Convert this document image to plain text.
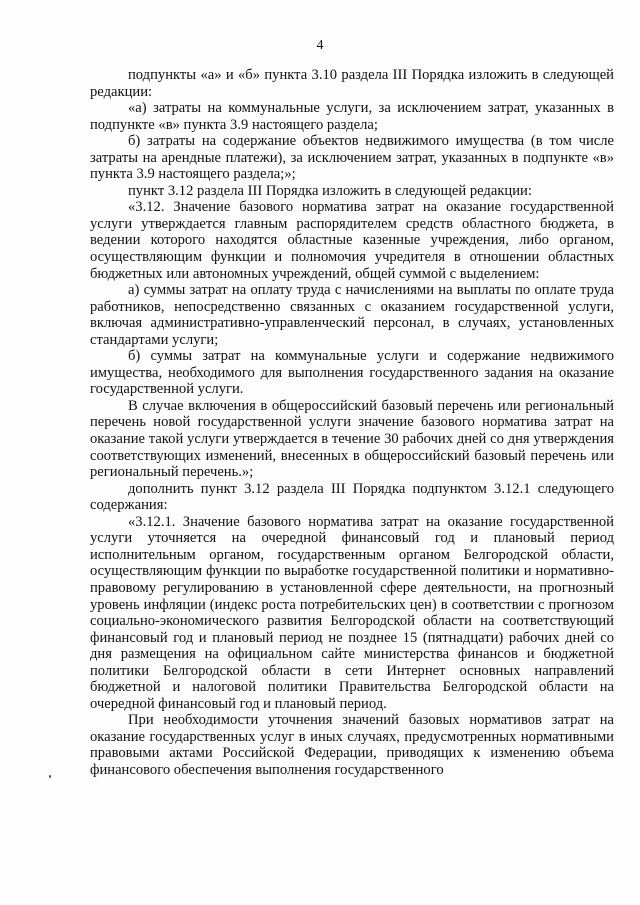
4

подпункты «а» и «б» пункта 3.10 раздела III Порядка изложить в следующей редакции:

«а) затраты на коммунальные услуги, за исключением затрат, указанных в подпункте «в» пункта 3.9 настоящего раздела;

б) затраты на содержание объектов недвижимого имущества (в том числе затраты на арендные платежи), за исключением затрат, указанных в подпункте «в» пункта 3.9 настоящего раздела;»;

пункт 3.12 раздела III Порядка изложить в следующей редакции:

«3.12. Значение базового норматива затрат на оказание государственной услуги утверждается главным распорядителем средств областного бюджета, в ведении которого находятся областные казенные учреждения, либо органом, осуществляющим функции и полномочия учредителя в отношении областных бюджетных или автономных учреждений, общей суммой с выделением:

а) суммы затрат на оплату труда с начислениями на выплаты по оплате труда работников, непосредственно связанных с оказанием государственной услуги, включая административно-управленческий персонал, в случаях, установленных стандартами услуги;

б) суммы затрат на коммунальные услуги и содержание недвижимого имущества, необходимого для выполнения государственного задания на оказание государственной услуги.

В случае включения в общероссийский базовый перечень или региональный перечень новой государственной услуги значение базового норматива затрат на оказание такой услуги утверждается в течение 30 рабочих дней со дня утверждения соответствующих изменений, внесенных в общероссийский базовый перечень или региональный перечень.»;

дополнить пункт 3.12 раздела III Порядка подпунктом 3.12.1 следующего содержания:

«3.12.1. Значение базового норматива затрат на оказание государственной услуги уточняется на очередной финансовый год и плановый период исполнительным органом, государственным органом Белгородской области, осуществляющим функции по выработке государственной политики и нормативно-правовому регулированию в установленной сфере деятельности, на прогнозный уровень инфляции (индекс роста потребительских цен) в соответствии с прогнозом социально-экономического развития Белгородской области на соответствующий финансовый год и плановый период не позднее 15 (пятнадцати) рабочих дней со дня размещения на официальном сайте министерства финансов и бюджетной политики Белгородской области в сети Интернет основных направлений бюджетной и налоговой политики Правительства Белгородской области на очередной финансовый год и плановый период.

При необходимости уточнения значений базовых нормативов затрат на оказание государственных услуг в иных случаях, предусмотренных нормативными правовыми актами Российской Федерации, приводящих к изменению объема финансового обеспечения выполнения государственного
